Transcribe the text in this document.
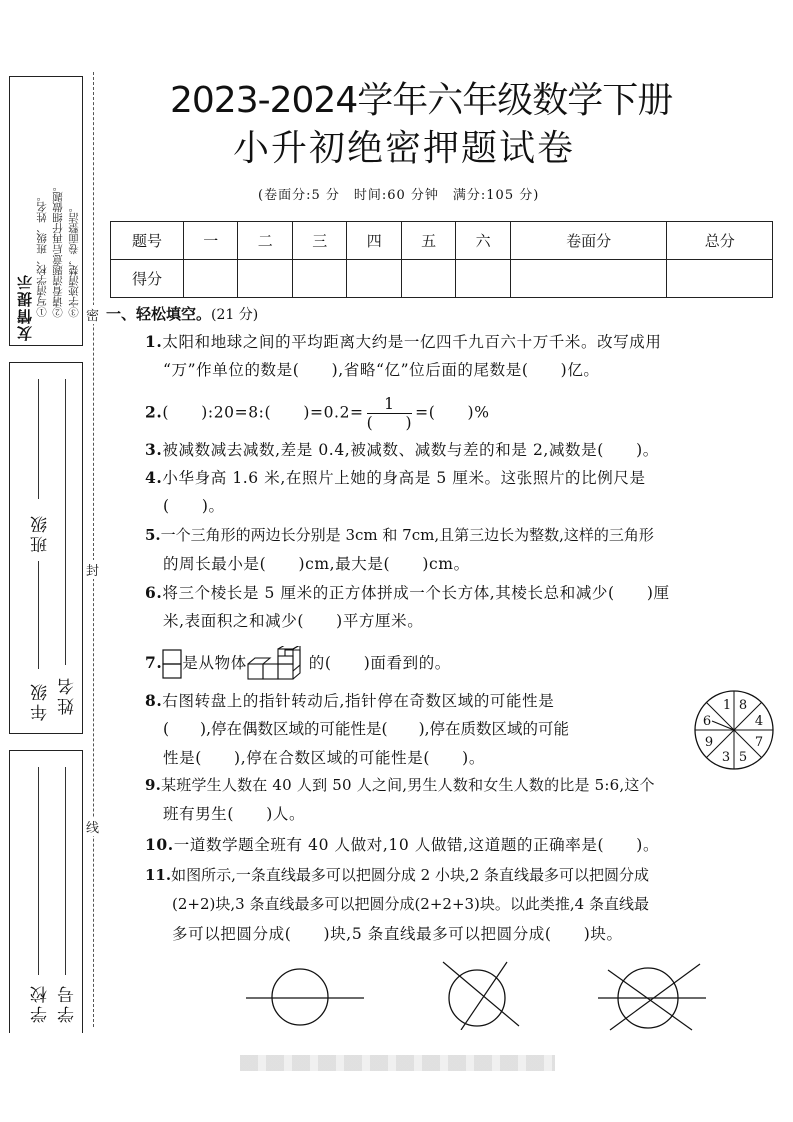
友情提示 ①写清学校、班级、姓名。 ②请看清题意后再仔细做题。 ③字迹清楚，卷面整洁。
班级
年级 姓名
学校 学号
密
封
线
2023-2024学年六年级数学下册
小升初绝密押题试卷
(卷面分:5 分　时间:60 分钟　满分:105 分)
题号	一	二	三	四	五	六	卷面分	总分
得分								
一、轻松填空。(21 分)
1.太阳和地球之间的平均距离大约是一亿四千九百六十万千米。改写成用
“万”作单位的数是(　　),省略“亿”位后面的尾数是(　　)亿。
2.(　　):20=8:(　　)$=0.2= \frac{1}{( )}$ =(　　)%
3.被减数减去减数,差是 0.4,被减数、减数与差的和是 2,减数是(　　)。
4.小华身高 1.6 米,在照片上她的身高是 5 厘米。这张照片的比例尺是
(　　)。
5.一个三角形的两边长分别是 3cm 和 7cm,且第三边长为整数,这样的三角形
的周长最小是(　　)cm,最大是(　　)cm。
6.将三个棱长是 5 厘米的正方体拼成一个长方体,其棱长总和减少(　　)厘
米,表面积之和减少(　　)平方厘米。
7. 是从物体	的(　　)面看到的。
8.右图转盘上的指针转动后,指针停在奇数区域的可能性是
(　　),停在偶数区域的可能性是(　　),停在质数区域的可能
性是(　　),停在合数区域的可能性是(　　)。
1 8
4
7
5
3
9
6
9.某班学生人数在 40 人到 50 人之间,男生人数和女生人数的比是 5:6,这个
班有男生(　　)人。
10.一道数学题全班有 40 人做对,10 人做错,这道题的正确率是(　　)。
11.如图所示,一条直线最多可以把圆分成 2 小块,2 条直线最多可以把圆分成
(2+2)块,3 条直线最多可以把圆分成(2+2+3)块。以此类推,4 条直线最
多可以把圆分成(　　)块,5 条直线最多可以把圆分成(　　)块。
